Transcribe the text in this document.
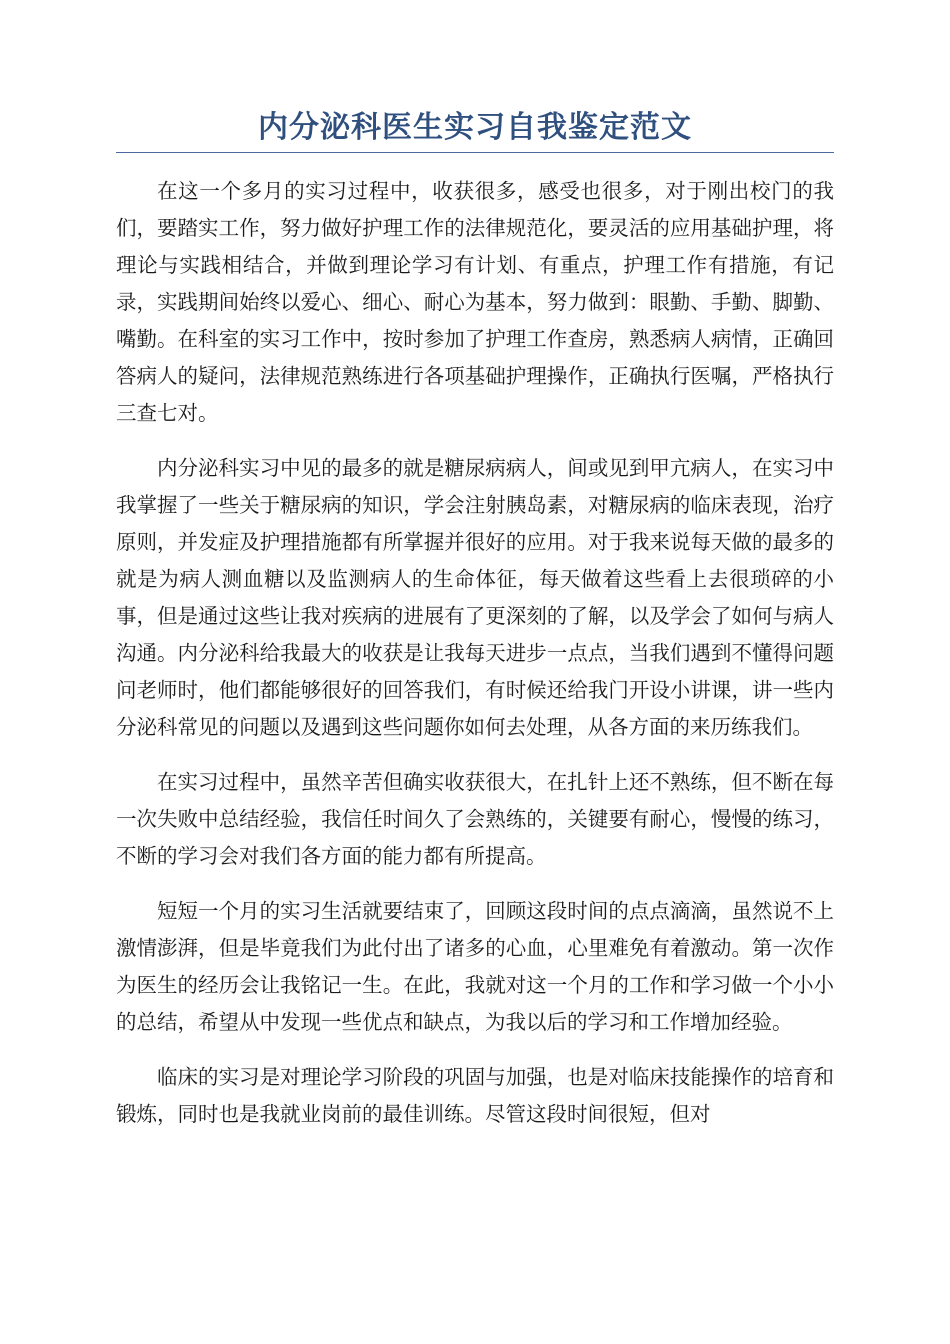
内分泌科医生实习自我鉴定范文

在这一个多月的实习过程中，收获很多，感受也很多，对于刚出校门的我们，要踏实工作，努力做好护理工作的法律规范化，要灵活的应用基础护理，将理论与实践相结合，并做到理论学习有计划、有重点，护理工作有措施，有记录，实践期间始终以爱心、细心、耐心为基本，努力做到：眼勤、手勤、脚勤、嘴勤。在科室的实习工作中，按时参加了护理工作查房，熟悉病人病情，正确回答病人的疑问，法律规范熟练进行各项基础护理操作，正确执行医嘱，严格执行三查七对。

内分泌科实习中见的最多的就是糖尿病病人，间或见到甲亢病人，在实习中我掌握了一些关于糖尿病的知识，学会注射胰岛素，对糖尿病的临床表现，治疗原则，并发症及护理措施都有所掌握并很好的应用。对于我来说每天做的最多的就是为病人测血糖以及监测病人的生命体征，每天做着这些看上去很琐碎的小事，但是通过这些让我对疾病的进展有了更深刻的了解，以及学会了如何与病人沟通。内分泌科给我最大的收获是让我每天进步一点点，当我们遇到不懂得问题问老师时，他们都能够很好的回答我们，有时候还给我门开设小讲课，讲一些内分泌科常见的问题以及遇到这些问题你如何去处理，从各方面的来历练我们。

在实习过程中，虽然辛苦但确实收获很大，在扎针上还不熟练，但不断在每一次失败中总结经验，我信任时间久了会熟练的，关键要有耐心，慢慢的练习，不断的学习会对我们各方面的能力都有所提高。

短短一个月的实习生活就要结束了，回顾这段时间的点点滴滴，虽然说不上激情澎湃，但是毕竟我们为此付出了诸多的心血，心里难免有着激动。第一次作为医生的经历会让我铭记一生。在此，我就对这一个月的工作和学习做一个小小的总结，希望从中发现一些优点和缺点，为我以后的学习和工作增加经验。

临床的实习是对理论学习阶段的巩固与加强，也是对临床技能操作的培育和锻炼，同时也是我就业岗前的最佳训练。尽管这段时间很短，但对
